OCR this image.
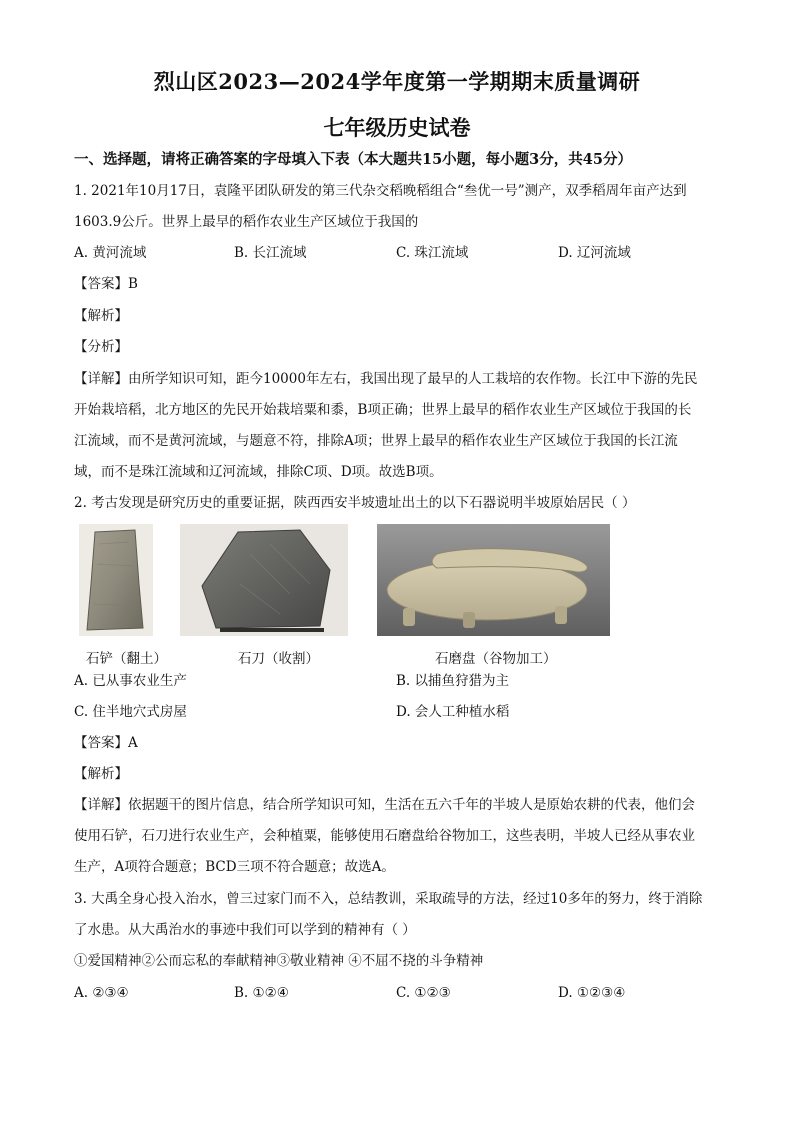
烈山区2023—2024学年度第一学期期末质量调研
七年级历史试卷
一、选择题，请将正确答案的字母填入下表（本大题共15小题，每小题3分，共45分）
1. 2021年10月17日，袁隆平团队研发的第三代杂交稻晚稻组合“叁优一号”测产，双季稻周年亩产达到
1603.9公斤。世界上最早的稻作农业生产区域位于我国的
A. 黄河流域	B. 长江流域	C. 珠江流域	D. 辽河流域
【答案】B
【解析】
【分析】
【详解】由所学知识可知，距今10000年左右，我国出现了最早的人工栽培的农作物。长江中下游的先民
开始栽培稻，北方地区的先民开始栽培粟和黍，B项正确；世界上最早的稻作农业生产区域位于我国的长
江流域，而不是黄河流域，与题意不符，排除A项；世界上最早的稻作农业生产区域位于我国的长江流
域，而不是珠江流域和辽河流域，排除C项、D项。故选B项。
2. 考古发现是研究历史的重要证据，陕西西安半坡遗址出土的以下石器说明半坡原始居民（ ）
石铲（翻土）	石刀（收割）	石磨盘（谷物加工）
A. 已从事农业生产	B. 以捕鱼狩猎为主
C. 住半地穴式房屋	D. 会人工种植水稻
【答案】A
【解析】
【详解】依据题干的图片信息，结合所学知识可知，生活在五六千年的半坡人是原始农耕的代表，他们会
使用石铲，石刀进行农业生产，会种植粟，能够使用石磨盘给谷物加工，这些表明，半坡人已经从事农业
生产，A项符合题意；BCD三项不符合题意；故选A。
3. 大禹全身心投入治水，曾三过家门而不入，总结教训，采取疏导的方法，经过10多年的努力，终于消除
了水患。从大禹治水的事迹中我们可以学到的精神有（ ）
①爱国精神②公而忘私的奉献精神③敬业精神 ④不屈不挠的斗争精神
A. ②③④	B. ①②④	C. ①②③	D. ①②③④
